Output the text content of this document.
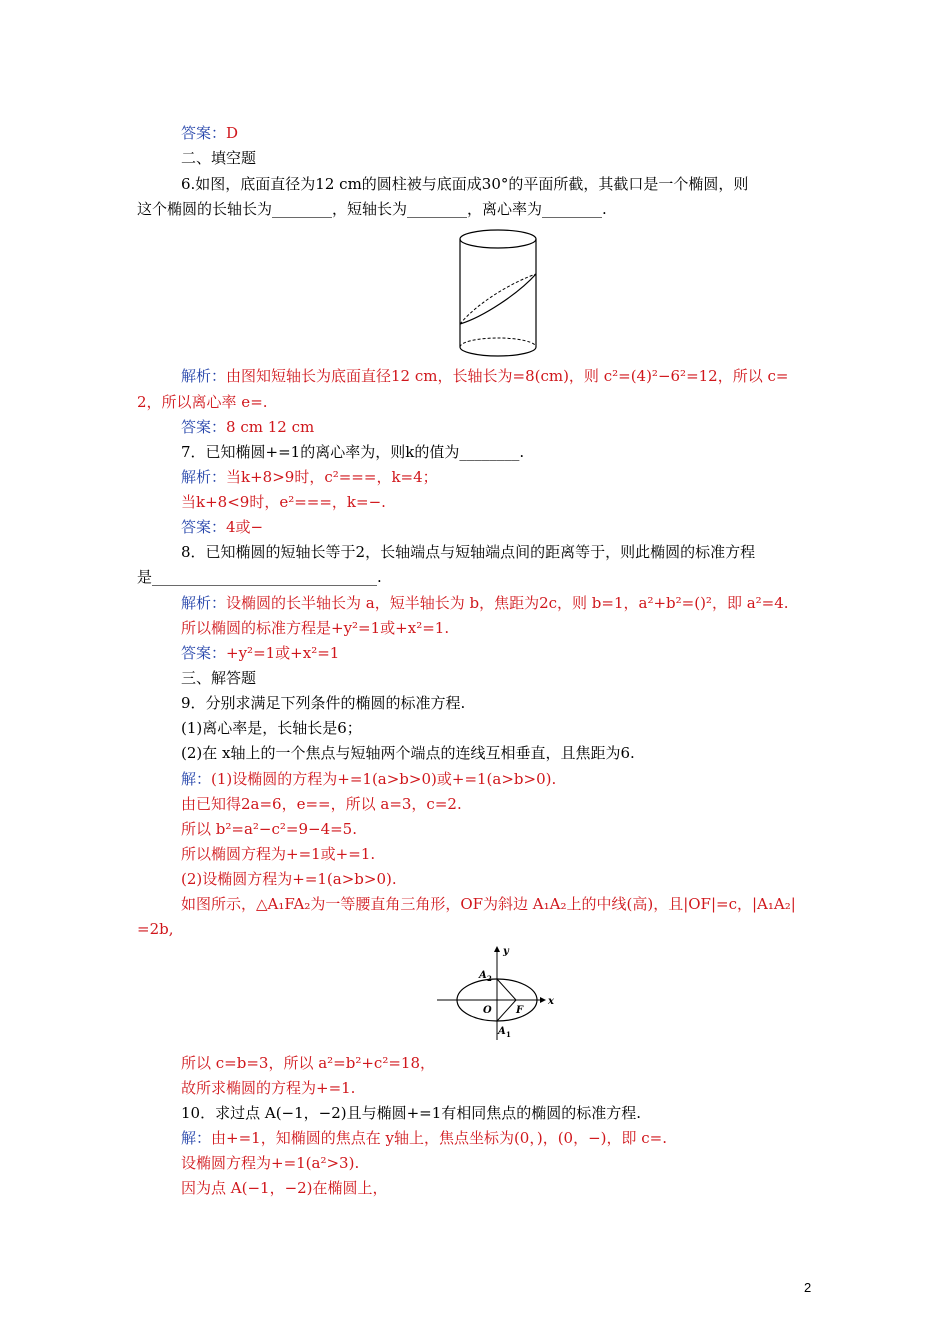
答案：D
二、填空题
6.如图，底面直径为12 cm的圆柱被与底面成30°的平面所截，其截口是一个椭圆，则
这个椭圆的长轴长为________，短轴长为________，离心率为________.
解析：由图知短轴长为底面直径12 cm，长轴长为=8(cm)，则 c²=(4)²−6²=12，所以 c=
2，所以离心率 e=.
答案：8 cm 12 cm
7．已知椭圆+=1的离心率为，则k的值为________.
解析：当k+8>9时，c²===，k=4；
当k+8<9时，e²===，k=−.
答案：4或−
8．已知椭圆的短轴长等于2，长轴端点与短轴端点间的距离等于，则此椭圆的标准方程
是______________________________.
解析：设椭圆的长半轴长为 a，短半轴长为 b，焦距为2c，则 b=1，a²+b²=()²，即 a²=4.
所以椭圆的标准方程是+y²=1或+x²=1.
答案：+y²=1或+x²=1
三、解答题
9．分别求满足下列条件的椭圆的标准方程.
(1)离心率是，长轴长是6；
(2)在 x轴上的一个焦点与短轴两个端点的连线互相垂直，且焦距为6.
解：(1)设椭圆的方程为+=1(a>b>0)或+=1(a>b>0).
由已知得2a=6，e==，所以 a=3，c=2.
所以 b²=a²−c²=9−4=5.
所以椭圆方程为+=1或+=1.
(2)设椭圆方程为+=1(a>b>0).
如图所示，△A₁FA₂为一等腰直角三角形，OF为斜边 A₁A₂上的中线(高)，且|OF|=c，|A₁A₂|
=2b,
y
x
A 2
O F
A 1
所以 c=b=3，所以 a²=b²+c²=18，
故所求椭圆的方程为+=1.
10．求过点 A(−1，−2)且与椭圆+=1有相同焦点的椭圆的标准方程.
解：由+=1，知椭圆的焦点在 y轴上，焦点坐标为(0，)，(0，−)，即 c=.
设椭圆方程为+=1(a²>3).
因为点 A(−1，−2)在椭圆上，
2
